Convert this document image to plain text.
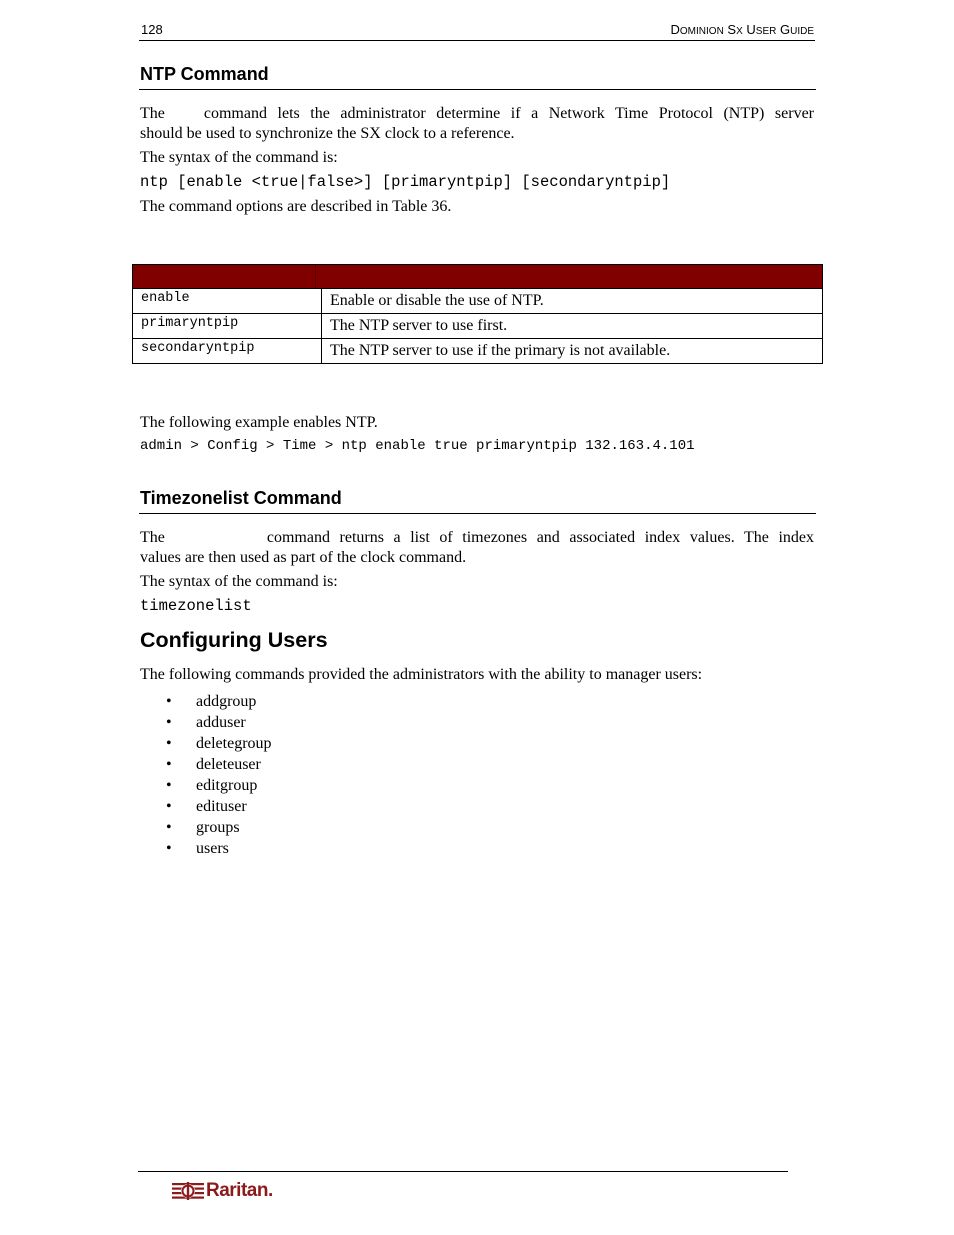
128	DOMINION SX USER GUIDE
NTP Command
The command lets the administrator determine if a Network Time Protocol (NTP) server
should be used to synchronize the SX clock to a reference.
The syntax of the command is:
ntp [enable <true|false>] [primaryntpip] [secondaryntpip]
The command options are described in Table 36.
enable	Enable or disable the use of NTP.
primaryntpip	The NTP server to use first.
secondaryntpip	The NTP server to use if the primary is not available.
The following example enables NTP.
admin > Config > Time > ntp enable true primaryntpip 132.163.4.101
Timezonelist Command
The	command returns a list of timezones and associated index values. The index
values are then used as part of the clock command.
The syntax of the command is:
timezonelist
Configuring Users
The following commands provided the administrators with the ability to manager users:
• addgroup
• adduser
• deletegroup
• deleteuser
• editgroup
• edituser
• groups
• users
Raritan.
